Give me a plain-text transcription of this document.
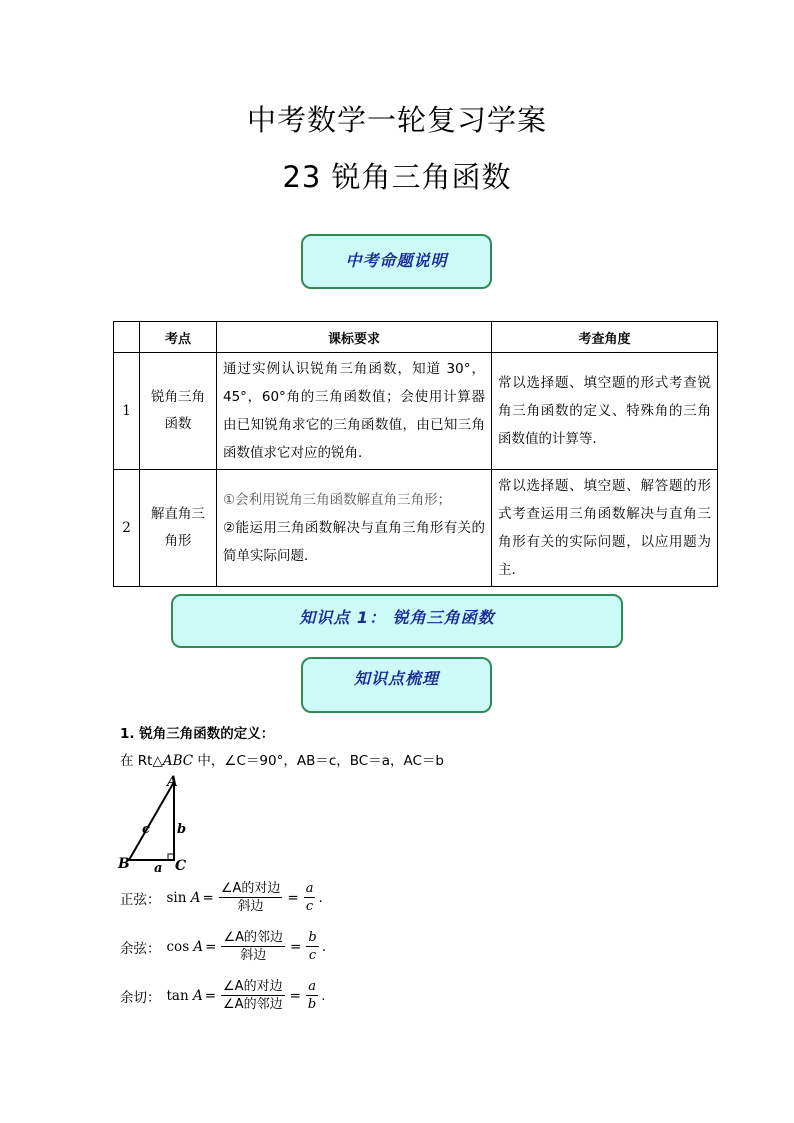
中考数学一轮复习学案
23 锐角三角函数
中考命题说明
	考点	课标要求	考查角度
1	锐角三角函数	通过实例认识锐角三角函数，知道 30°，45°，60°角的三角函数值；会使用计算器由已知锐角求它的三角函数值，由已知三角函数值求它对应的锐角．	常以选择题、填空题的形式考查锐角三角函数的定义、特殊角的三角函数值的计算等．
2	解直角三角形	①会利用锐角三角函数解直角三角形；
②能运用三角函数解决与直角三角形有关的简单实际问题．	常以选择题、填空题、解答题的形式考查运用三角函数解决与直角三角形有关的实际问题，以应用题为主．
知识点 1： 锐角三角函数
知识点梳理
1. 锐角三角函数的定义：
在 Rt△ABC 中，∠C＝90°，AB＝c，BC＝a，AC＝b
A
B	C
c b
a
正弦： $\sin A = \frac{\text{∠A的对边}}{\text{斜边}} = \frac{a}{c}$ .
余弦： $\cos A = \frac{\text{∠A的邻边}}{\text{斜边}} = \frac{b}{c}$ .
余切： $\tan A = \frac{\text{∠A的对边}}{\text{∠A的邻边}} = \frac{a}{b}$ .
